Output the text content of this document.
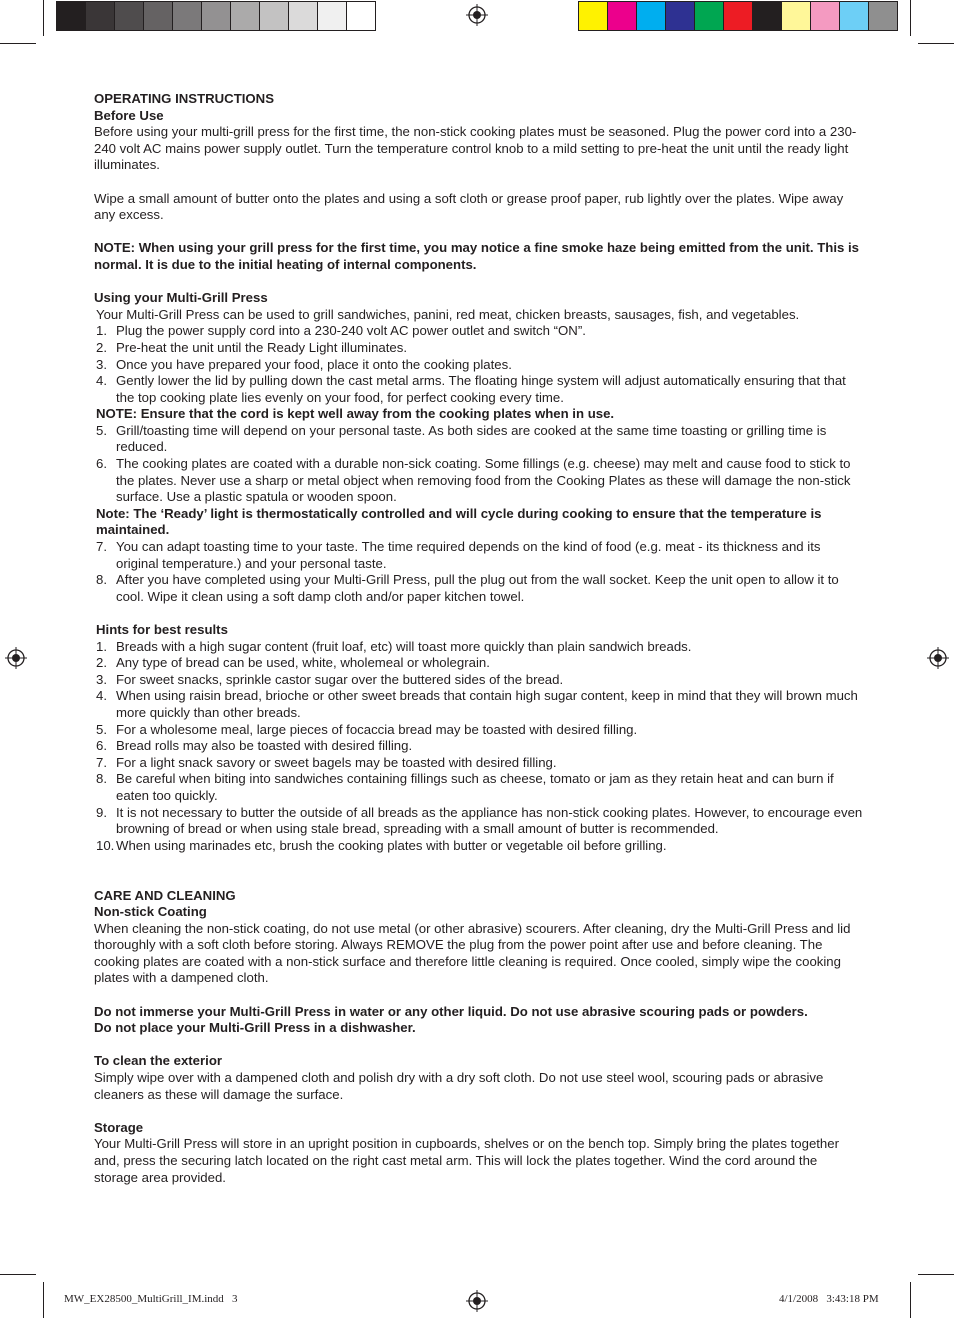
OPERATING INSTRUCTIONS

Before Use

Before using your multi-grill press for the first time, the non-stick cooking plates must be seasoned. Plug the power cord into a 230-240 volt AC mains power supply outlet. Turn the temperature control knob to a mild setting to pre-heat the unit until the ready light illuminates.

Wipe a small amount of butter onto the plates and using a soft cloth or grease proof paper, rub lightly over the plates. Wipe away any excess.

NOTE: When using your grill press for the first time, you may notice a fine smoke haze being emitted from the unit. This is normal. It is due to the initial heating of internal components.

Using your Multi-Grill Press

Your Multi-Grill Press can be used to grill sandwiches, panini, red meat, chicken breasts, sausages, fish, and vegetables.

1. Plug the power supply cord into a 230-240 volt AC power outlet and switch “ON”.
2. Pre-heat the unit until the Ready Light illuminates.
3. Once you have prepared your food, place it onto the cooking plates.
4. Gently lower the lid by pulling down the cast metal arms. The floating hinge system will adjust automatically ensuring that that the top cooking plate lies evenly on your food, for perfect cooking every time.

NOTE: Ensure that the cord is kept well away from the cooking plates when in use.

5. Grill/toasting time will depend on your personal taste. As both sides are cooked at the same time toasting or grilling time is reduced.
6. The cooking plates are coated with a durable non-sick coating. Some fillings (e.g. cheese) may melt and cause food to stick to the plates. Never use a sharp or metal object when removing food from the Cooking Plates as these will damage the non-stick surface. Use a plastic spatula or wooden spoon.

Note: The ‘Ready’ light is thermostatically controlled and will cycle during cooking to ensure that the temperature is maintained.

7. You can adapt toasting time to your taste. The time required depends on the kind of food (e.g. meat - its thickness and its original temperature.) and your personal taste.
8. After you have completed using your Multi-Grill Press, pull the plug out from the wall socket. Keep the unit open to allow it to cool. Wipe it clean using a soft damp cloth and/or paper kitchen towel.

Hints for best results

1. Breads with a high sugar content (fruit loaf, etc) will toast more quickly than plain sandwich breads.
2. Any type of bread can be used, white, wholemeal or wholegrain.
3. For sweet snacks, sprinkle castor sugar over the buttered sides of the bread.
4. When using raisin bread, brioche or other sweet breads that contain high sugar content, keep in mind that they will brown much more quickly than other breads.
5. For a wholesome meal, large pieces of focaccia bread may be toasted with desired filling.
6. Bread rolls may also be toasted with desired filling.
7. For a light snack savory or sweet bagels may be toasted with desired filling.
8. Be careful when biting into sandwiches containing fillings such as cheese, tomato or jam as they retain heat and can burn if eaten too quickly.
9. It is not necessary to butter the outside of all breads as the appliance has non-stick cooking plates. However, to encourage even browning of bread or when using stale bread, spreading with a small amount of butter is recommended.
10. When using marinades etc, brush the cooking plates with butter or vegetable oil before grilling.

CARE AND CLEANING

Non-stick Coating

When cleaning the non-stick coating, do not use metal (or other abrasive) scourers. After cleaning, dry the Multi-Grill Press and lid thoroughly with a soft cloth before storing. Always REMOVE the plug from the power point after use and before cleaning. The cooking plates are coated with a non-stick surface and therefore little cleaning is required. Once cooled, simply wipe the cooking plates with a dampened cloth.

Do not immerse your Multi-Grill Press in water or any other liquid. Do not use abrasive scouring pads or powders.

Do not place your Multi-Grill Press in a dishwasher.

To clean the exterior

Simply wipe over with a dampened cloth and polish dry with a dry soft cloth. Do not use steel wool, scouring pads or abrasive cleaners as these will damage the surface.

Storage

Your Multi-Grill Press will store in an upright position in cupboards, shelves or on the bench top. Simply bring the plates together and, press the securing latch located on the right cast metal arm. This will lock the plates together. Wind the cord around the storage area provided.

MW_EX28500_MultiGrill_IM.indd   3	4/1/2008   3:43:18 PM
